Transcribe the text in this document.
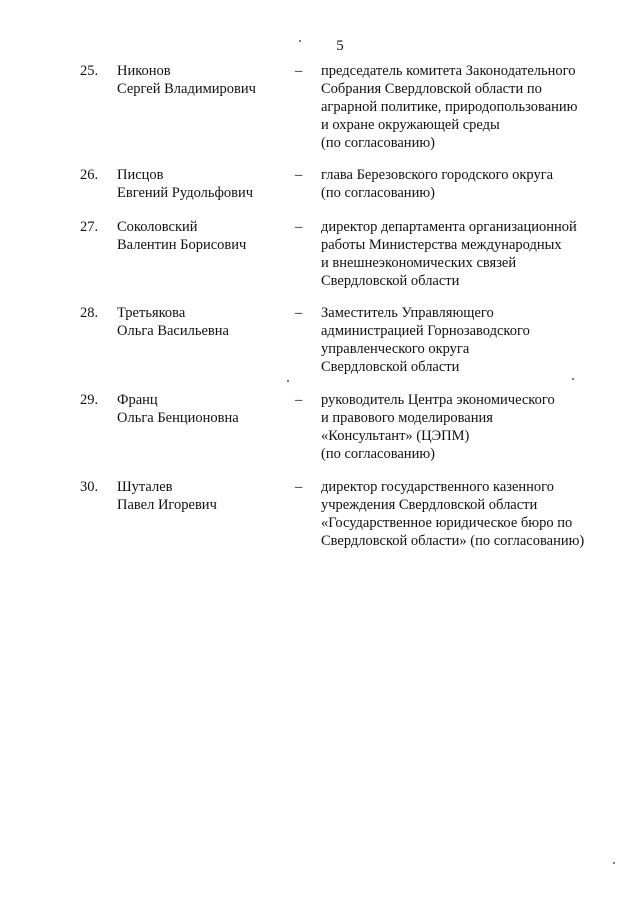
5
25. Никонов
Сергей Владимирович
– председатель комитета Законодательного
Собрания Свердловской области по
аграрной политике, природопользованию
и охране окружающей среды
(по согласованию)
26. Писцов
Евгений Рудольфович
– глава Березовского городского округа
(по согласованию)
27. Соколовский
Валентин Борисович
– директор департамента организационной
работы Министерства международных
и внешнеэкономических связей
Свердловской области
28. Третьякова
Ольга Васильевна
– Заместитель Управляющего
администрацией Горнозаводского
управленческого округа
Свердловской области
29. Франц
Ольга Бенционовна
– руководитель Центра экономического
и правового моделирования
«Консультант» (ЦЭПМ)
(по согласованию)
30. Шуталев
Павел Игоревич
– директор государственного казенного
учреждения Свердловской области
«Государственное юридическое бюро по
Свердловской области» (по согласованию)
